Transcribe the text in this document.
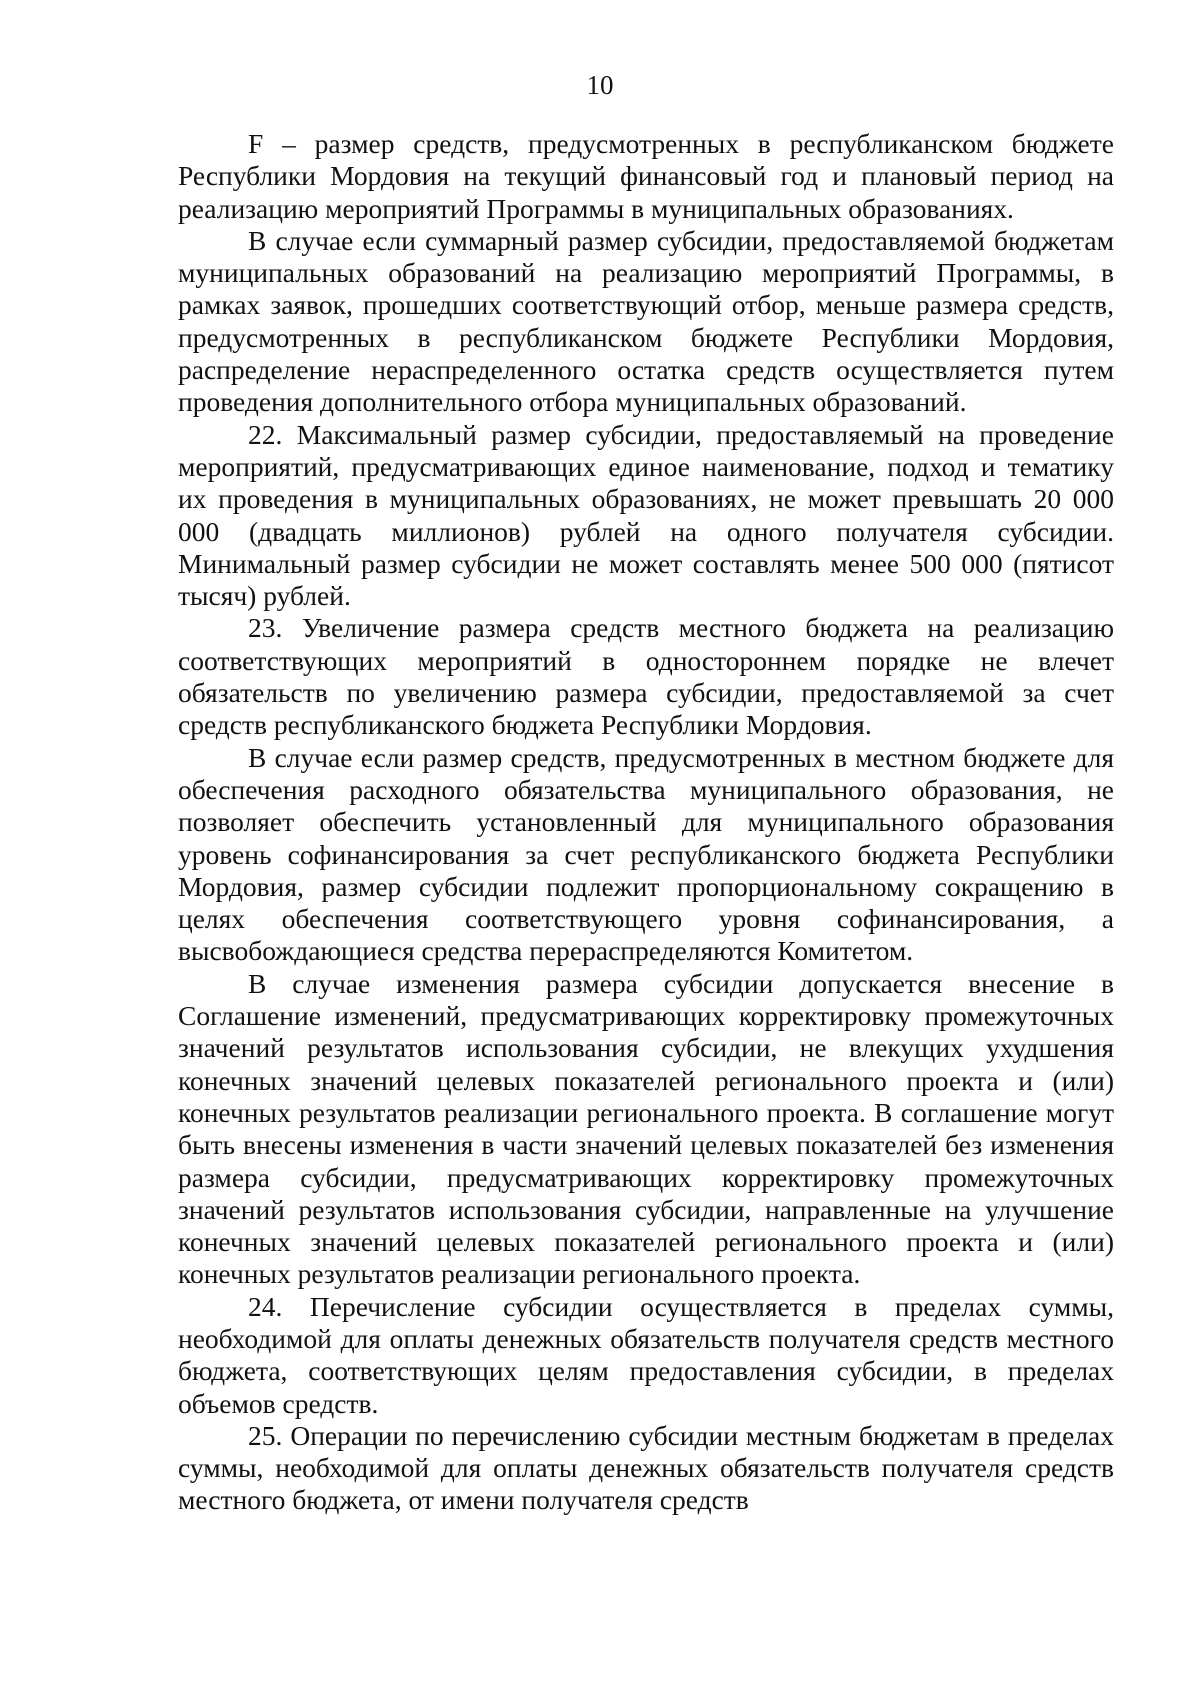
10

F – размер средств, предусмотренных в республиканском бюджете Республики Мордовия на текущий финансовый год и плановый период на реализацию мероприятий Программы в муниципальных образованиях.

В случае если суммарный размер субсидии, предоставляемой бюджетам муниципальных образований на реализацию мероприятий Программы, в рамках заявок, прошедших соответствующий отбор, меньше размера средств, предусмотренных в республиканском бюджете Республики Мордовия, распределение нераспределенного остатка средств осуществляется путем проведения дополнительного отбора муниципальных образований.

22. Максимальный размер субсидии, предоставляемый на проведение мероприятий, предусматривающих единое наименование, подход и тематику их проведения в муниципальных образованиях, не может превышать 20 000 000 (двадцать миллионов) рублей на одного получателя субсидии. Минимальный размер субсидии не может составлять менее 500 000 (пятисот тысяч) рублей.

23. Увеличение размера средств местного бюджета на реализацию соответствующих мероприятий в одностороннем порядке не влечет обязательств по увеличению размера субсидии, предоставляемой за счет средств республиканского бюджета Республики Мордовия.

В случае если размер средств, предусмотренных в местном бюджете для обеспечения расходного обязательства муниципального образования, не позволяет обеспечить установленный для муниципального образования уровень софинансирования за счет республиканского бюджета Республики Мордовия, размер субсидии подлежит пропорциональному сокращению в целях обеспечения соответствующего уровня софинансирования, а высвобождающиеся средства перераспределяются Комитетом.

В случае изменения размера субсидии допускается внесение в Соглашение изменений, предусматривающих корректировку промежуточных значений результатов использования субсидии, не влекущих ухудшения конечных значений целевых показателей регионального проекта и (или) конечных результатов реализации регионального проекта. В соглашение могут быть внесены изменения в части значений целевых показателей без изменения размера субсидии, предусматривающих корректировку промежуточных значений результатов использования субсидии, направленные на улучшение конечных значений целевых показателей регионального проекта и (или) конечных результатов реализации регионального проекта.

24. Перечисление субсидии осуществляется в пределах суммы, необходимой для оплаты денежных обязательств получателя средств местного бюджета, соответствующих целям предоставления субсидии, в пределах объемов средств.

25. Операции по перечислению субсидии местным бюджетам в пределах суммы, необходимой для оплаты денежных обязательств получателя средств местного бюджета, от имени получателя средств
